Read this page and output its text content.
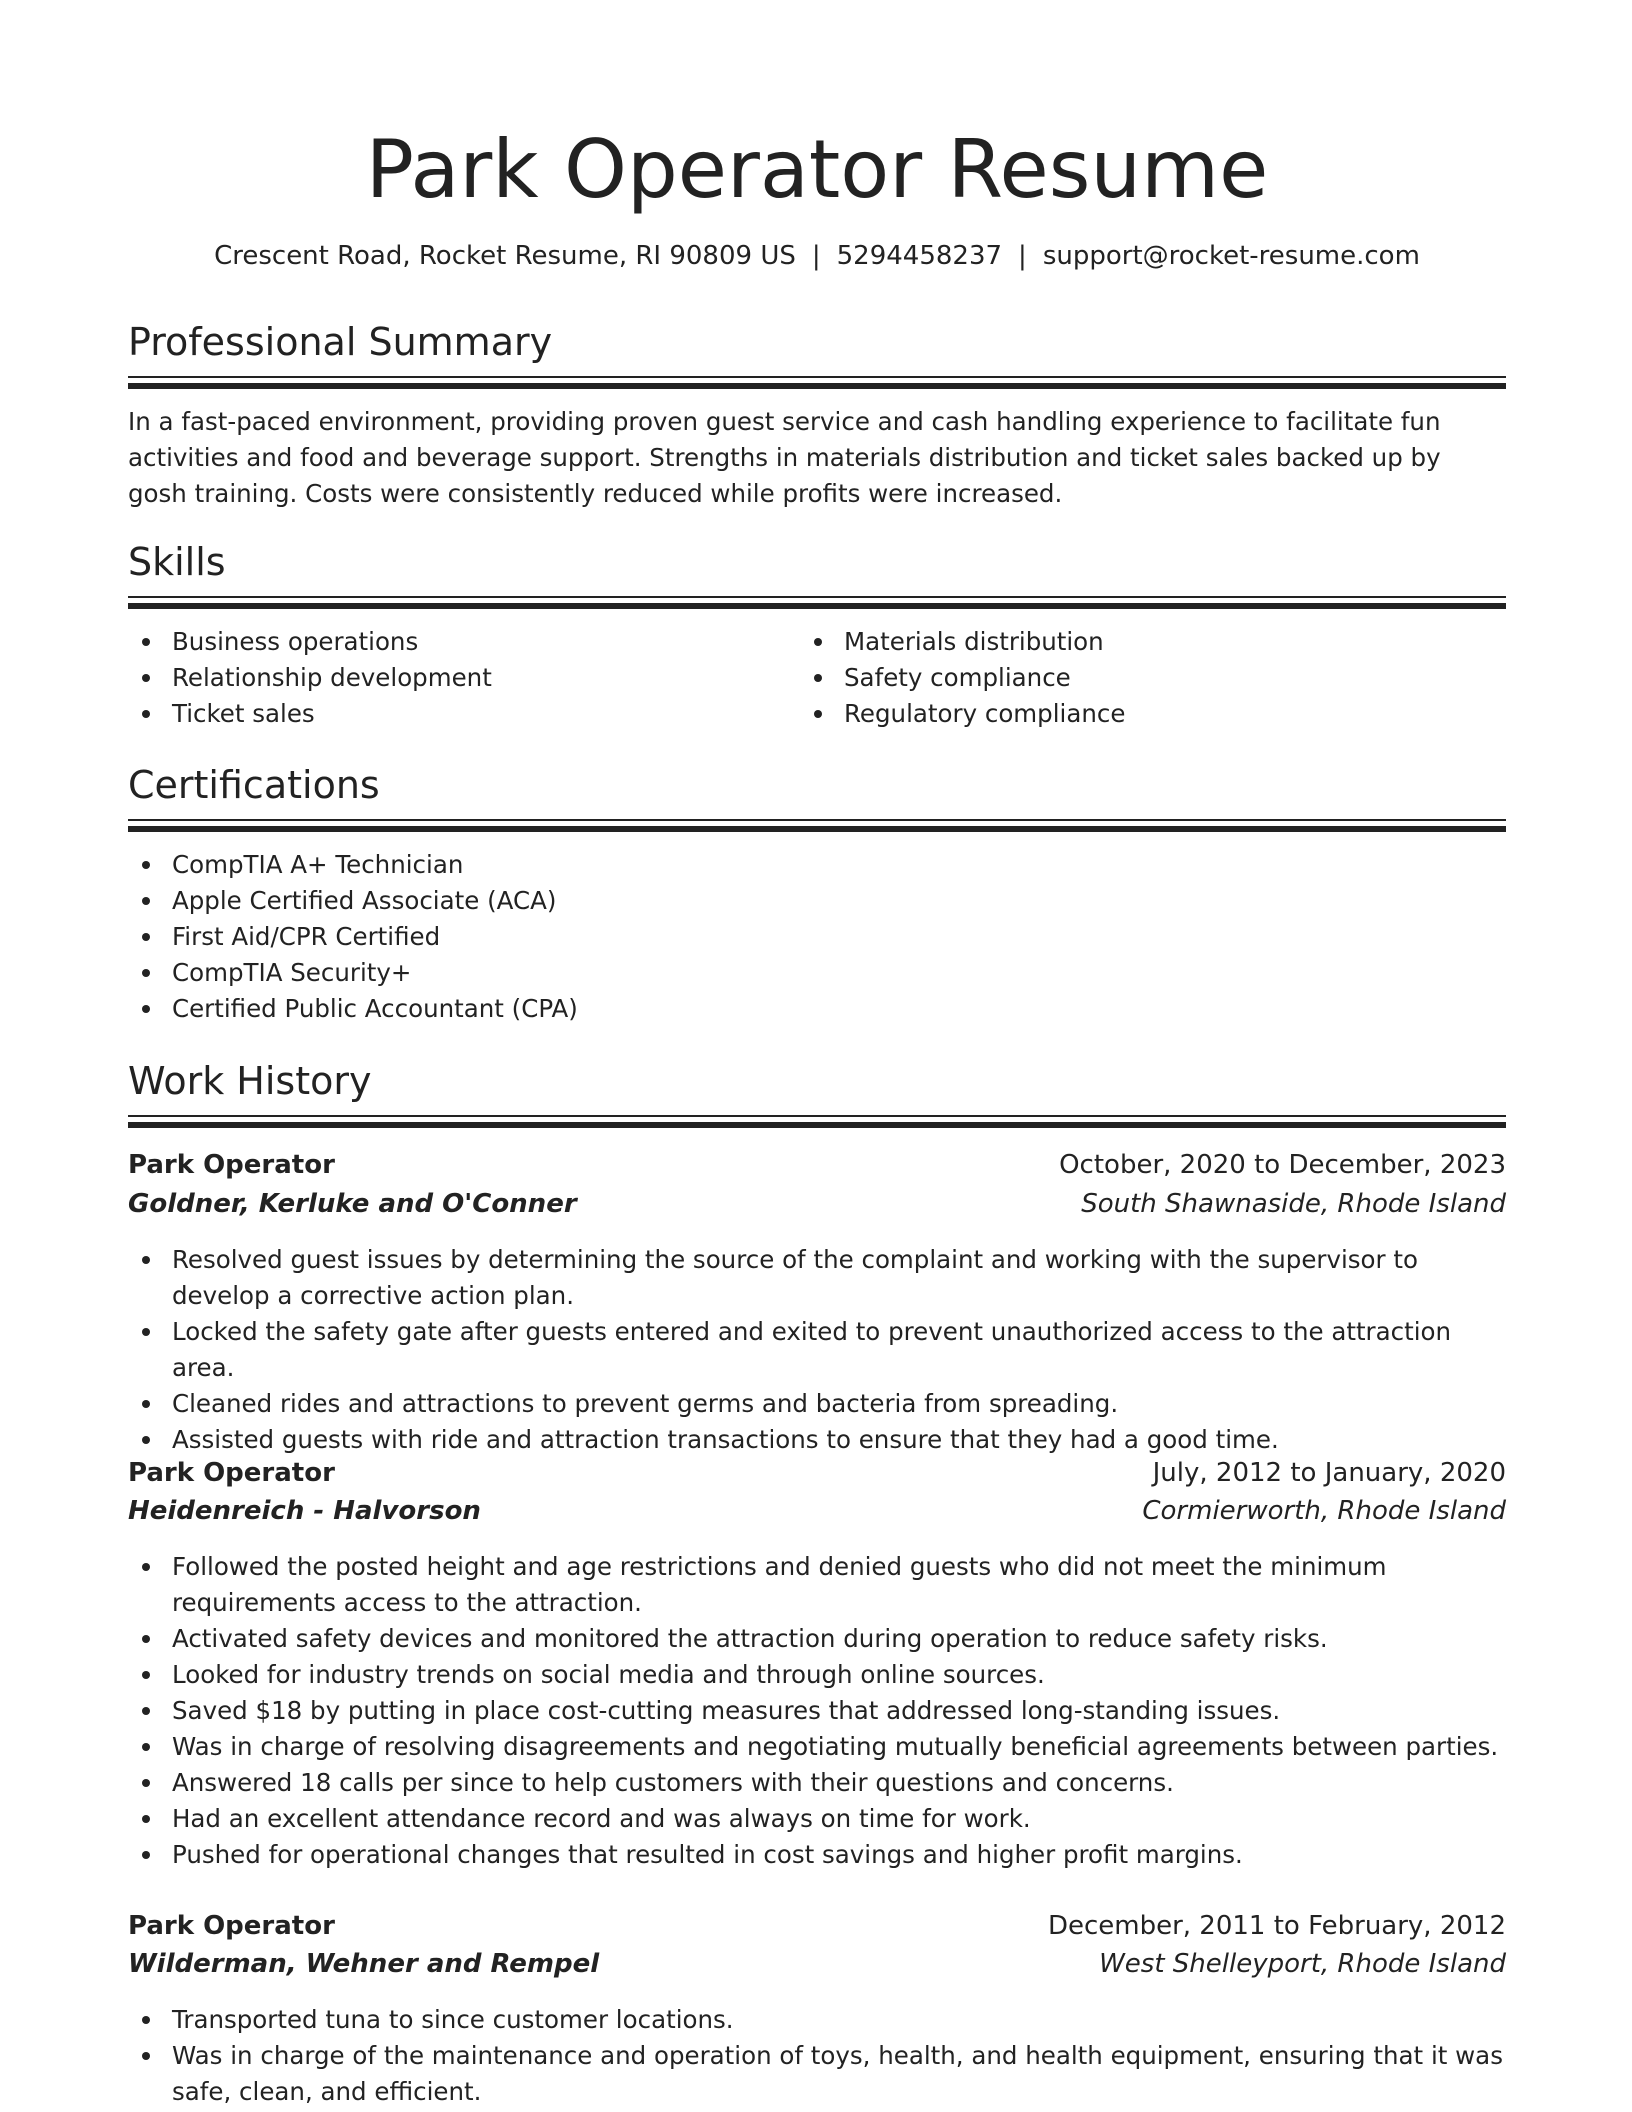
Park Operator Resume
Crescent Road, Rocket Resume, RI 90809 US | 5294458237 | support@rocket-resume.com
Professional Summary

In a fast-paced environment, providing proven guest service and cash handling experience to facilitate fun activities and food and beverage support. Strengths in materials distribution and ticket sales backed up by gosh training. Costs were consistently reduced while profits were increased.

Skills
Business operations
Relationship development
Ticket sales
Materials distribution
Safety compliance
Regulatory compliance
Certifications
CompTIA A+ Technician
Apple Certified Associate (ACA)
First Aid/CPR Certified
CompTIA Security+
Certified Public Accountant (CPA)
Work History
Park Operator	October, 2020 to December, 2023
Goldner, Kerluke and O'Conner	South Shawnaside, Rhode Island
Resolved guest issues by determining the source of the complaint and working with the supervisor to develop a corrective action plan.
Locked the safety gate after guests entered and exited to prevent unauthorized access to the attraction area.
Cleaned rides and attractions to prevent germs and bacteria from spreading.
Assisted guests with ride and attraction transactions to ensure that they had a good time.
Park Operator	July, 2012 to January, 2020
Heidenreich - Halvorson	Cormierworth, Rhode Island
Followed the posted height and age restrictions and denied guests who did not meet the minimum requirements access to the attraction.
Activated safety devices and monitored the attraction during operation to reduce safety risks.
Looked for industry trends on social media and through online sources.
Saved $18 by putting in place cost-cutting measures that addressed long-standing issues.
Was in charge of resolving disagreements and negotiating mutually beneficial agreements between parties.
Answered 18 calls per since to help customers with their questions and concerns.
Had an excellent attendance record and was always on time for work.
Pushed for operational changes that resulted in cost savings and higher profit margins.
Park Operator	December, 2011 to February, 2012
Wilderman, Wehner and Rempel	West Shelleyport, Rhode Island
Transported tuna to since customer locations.
Was in charge of the maintenance and operation of toys, health, and health equipment, ensuring that it was safe, clean, and efficient.
